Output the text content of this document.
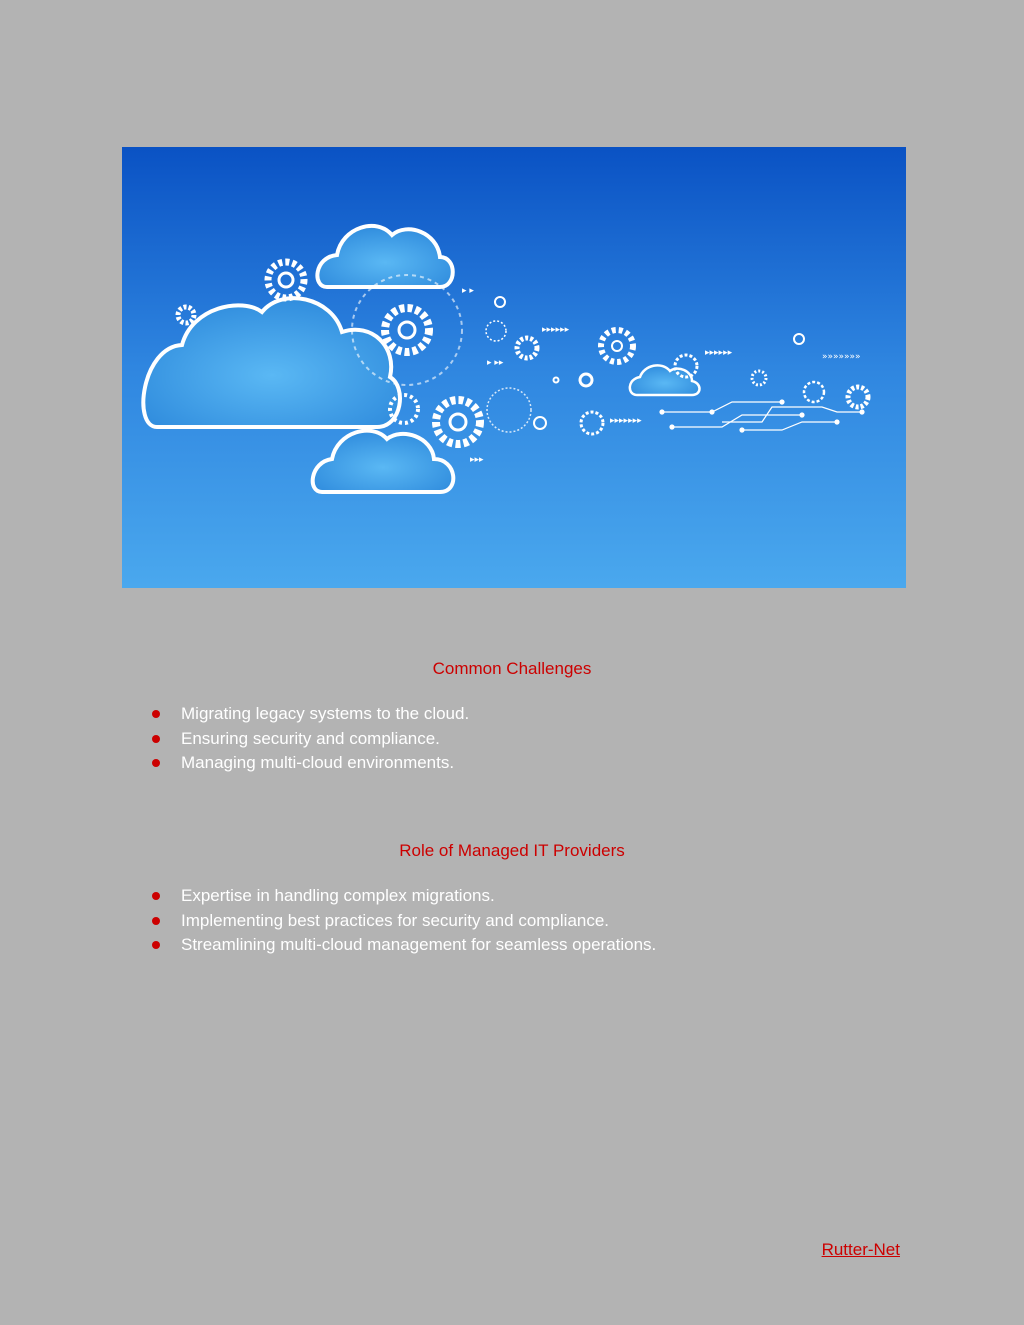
▸ ▸
▸▸▸▸▸▸
▸ ▸▸
▸▸▸▸▸▸	»»»»»»»
▸▸▸▸▸▸▸
▸▸▸
Common Challenges
Migrating legacy systems to the cloud.
Ensuring security and compliance.
Managing multi-cloud environments.
Role of Managed IT Providers
Expertise in handling complex migrations.
Implementing best practices for security and compliance.
Streamlining multi-cloud management for seamless operations.
Rutter-Net
